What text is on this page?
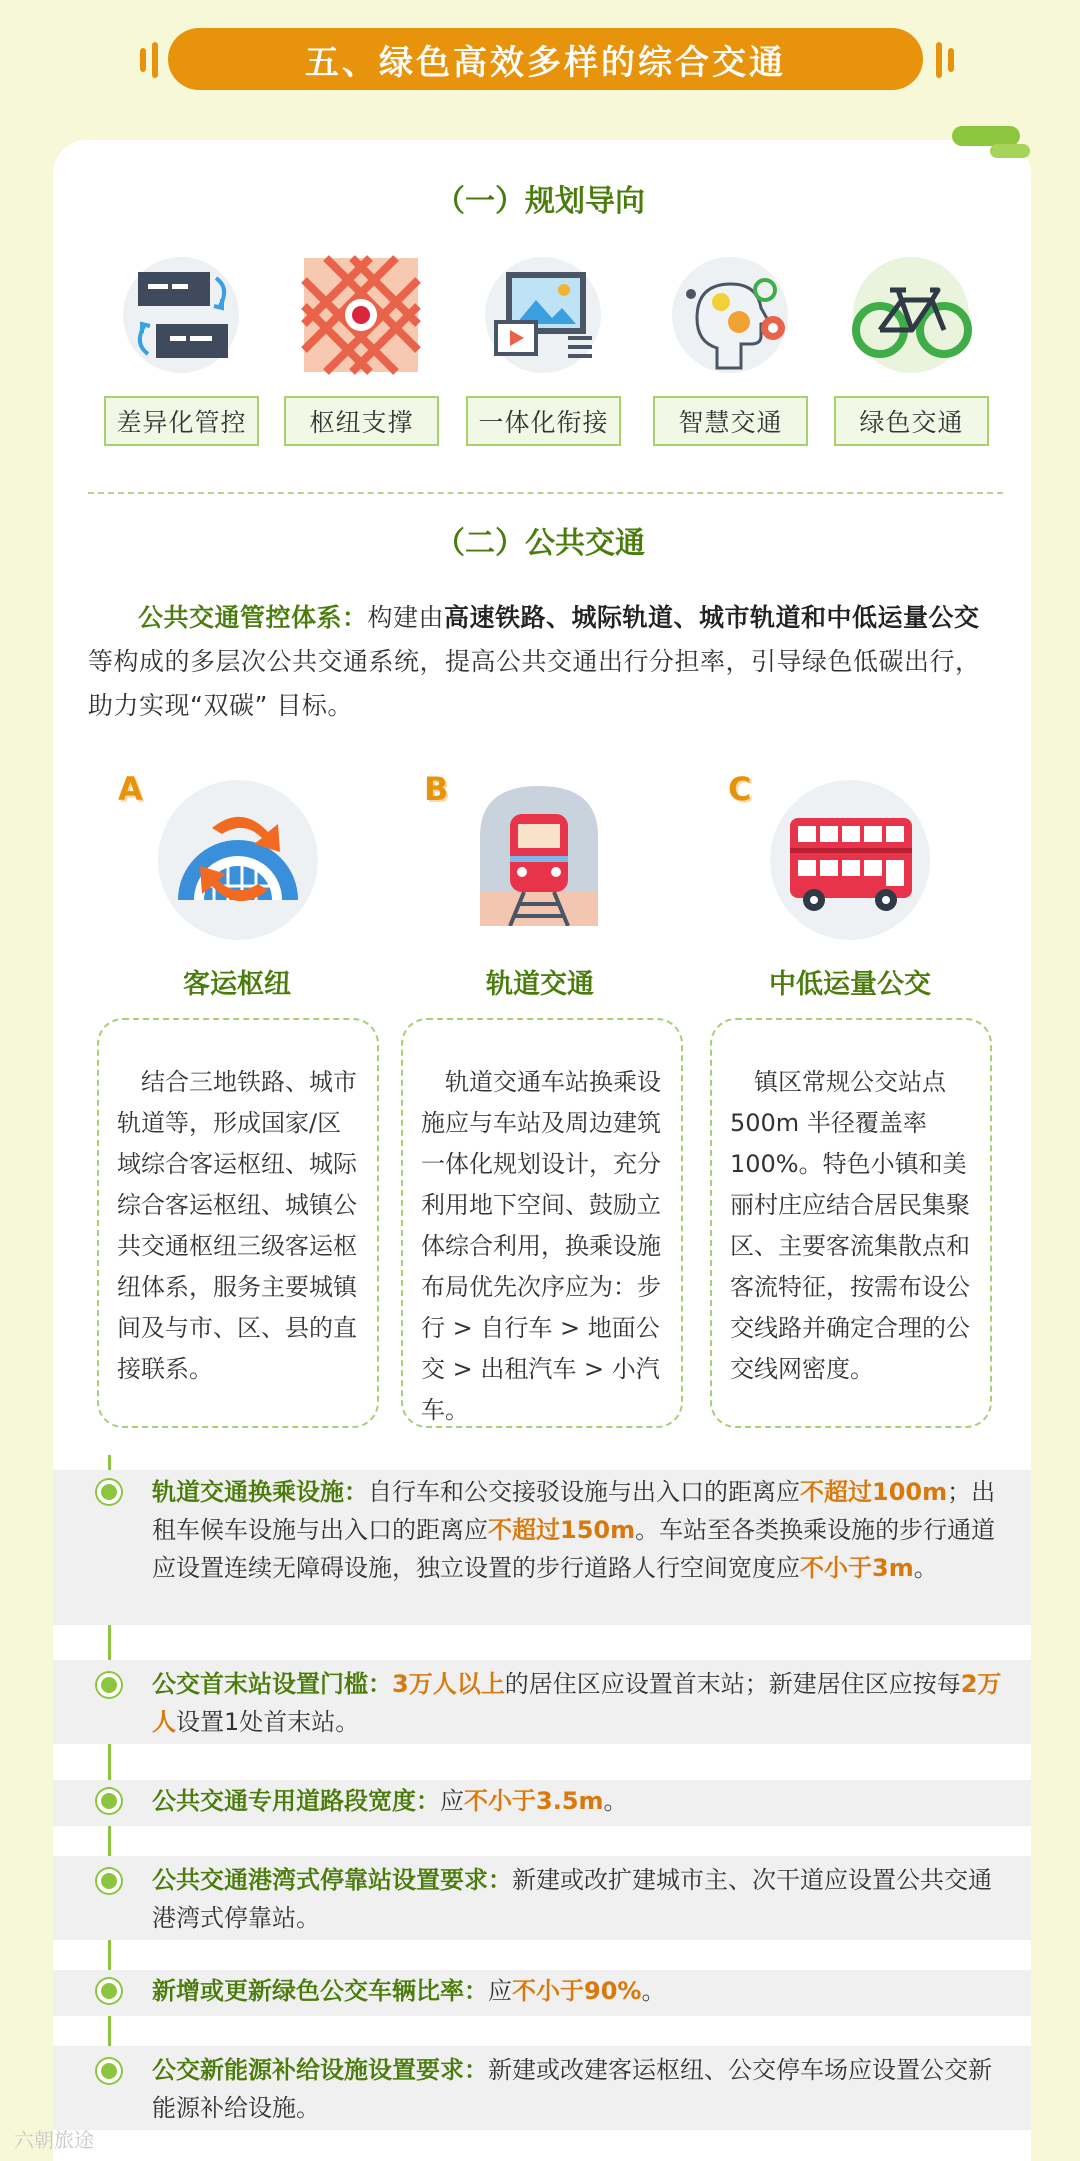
五、绿色高效多样的综合交通
（一）规划导向
差异化管控	枢纽支撑	一体化衔接	智慧交通	绿色交通
（二）公共交通

公共交通管控体系：构建由高速铁路、城际轨道、城市轨道和中低运量公交等构成的多层次公共交通系统，提高公共交通出行分担率，引导绿色低碳出行，助力实现“双碳” 目标。

A
客运枢纽
结合三地铁路、城市轨道等，形成国家/区域综合客运枢纽、城际综合客运枢纽、城镇公共交通枢纽三级客运枢纽体系，服务主要城镇间及与市、区、县的直接联系。
B
轨道交通
轨道交通车站换乘设施应与车站及周边建筑一体化规划设计，充分利用地下空间、鼓励立体综合利用，换乘设施布局优先次序应为：步行 > 自行车 > 地面公交 > 出租汽车 > 小汽车。
C
中低运量公交
镇区常规公交站点500m 半径覆盖率100%。特色小镇和美丽村庄应结合居民集聚区、主要客流集散点和客流特征，按需布设公交线路并确定合理的公交线网密度。

轨道交通换乘设施：自行车和公交接驳设施与出入口的距离应不超过100m；出租车候车设施与出入口的距离应不超过150m。车站至各类换乘设施的步行通道应设置连续无障碍设施，独立设置的步行道路人行空间宽度应不小于3m。

公交首末站设置门槛：3万人以上的居住区应设置首末站；新建居住区应按每2万人设置1处首末站。

公共交通专用道路段宽度：应不小于3.5m。

公共交通港湾式停靠站设置要求：新建或改扩建城市主、次干道应设置公共交通港湾式停靠站。

新增或更新绿色公交车辆比率：应不小于90%。

公交新能源补给设施设置要求：新建或改建客运枢纽、公交停车场应设置公交新能源补给设施。

六朝旅途
